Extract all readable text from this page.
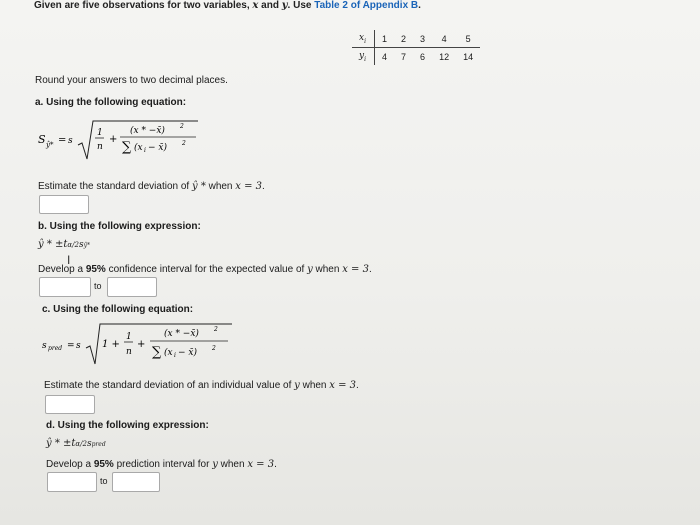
Given are five observations for two variables, x and y. Use Table 2 of Appendix B.
$x_i$	1	2	3	4	5
$y_i$	4	7	6	12	14
Round your answers to two decimal places.
a. Using the following equation:
S ŷ* = s
1
n
+
(x * −x̄)	2
∑ (x i − x̄)	2
Estimate the standard deviation of ŷ * when x = 3.
b. Using the following expression:
ŷ * ±tα/2sŷ*
Develop a 95% confidence interval for the expected value of y when x = 3.
I
to
c. Using the following equation:
s pred = s 1 +
1
n
+
(x * −x̄)	2
∑ (x i − x̄)	2
Estimate the standard deviation of an individual value of y when x = 3.
d. Using the following expression:
ŷ * ±tα/2spred
Develop a 95% prediction interval for y when x = 3.
to
